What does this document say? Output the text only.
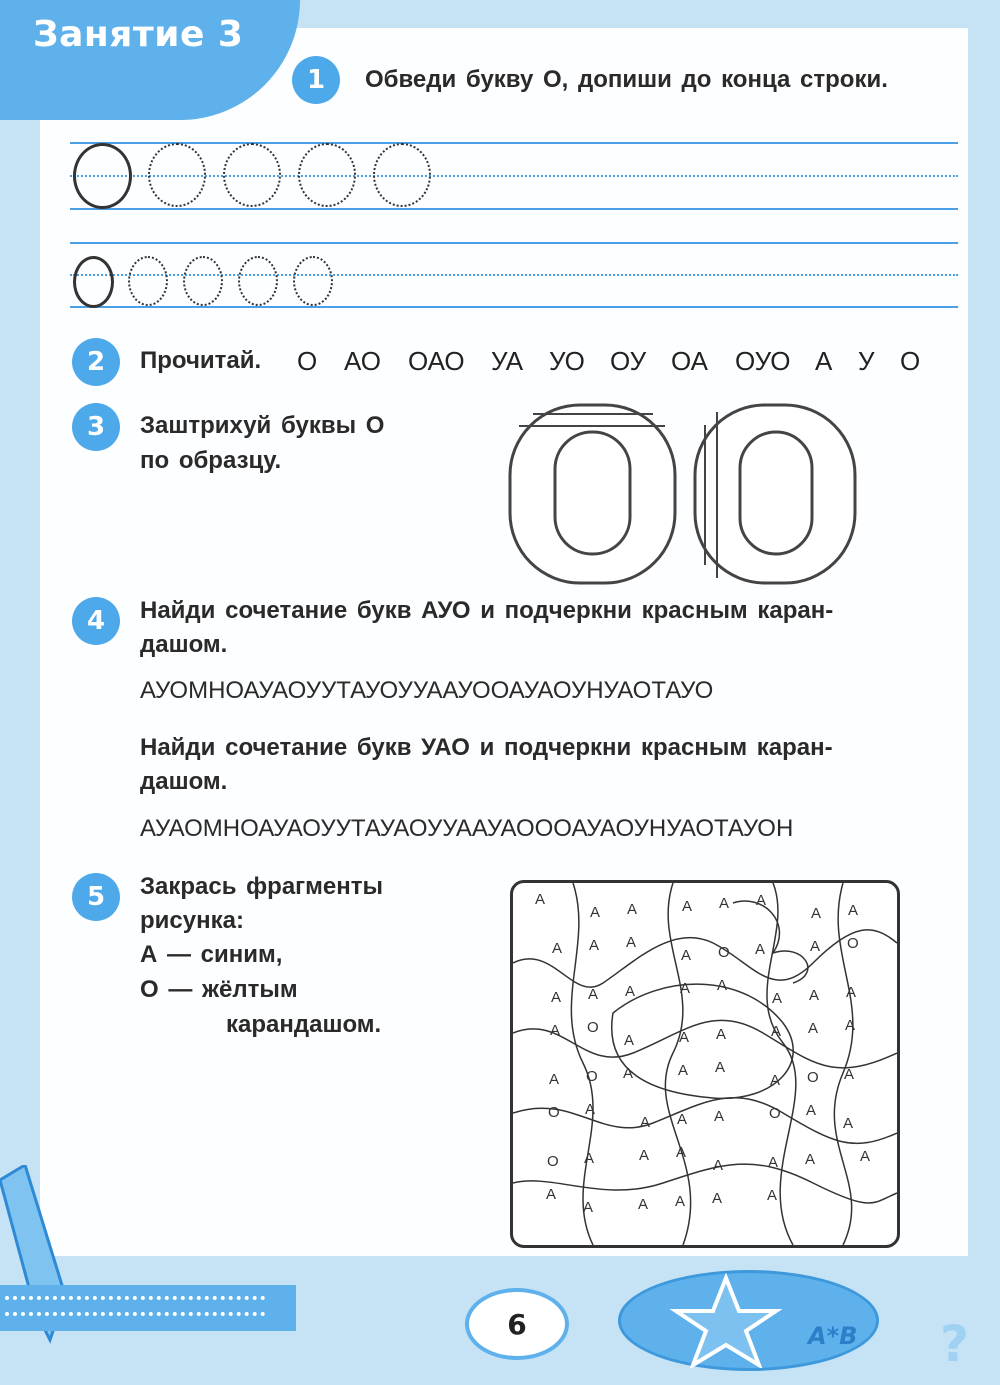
Занятие 3
1	Обведи букву О, допиши до конца строки.
2	Прочитай. О АО ОАО УА УО ОУ ОА ОУО А У О
3	Заштрихуй буквы О
по образцу.
4	Найди сочетание букв АУО и подчеркни красным каран-
дашом.
АУОМНОАУАОУУТАУОУУААУООАУАОУНУАОТАУО
Найди сочетание букв УАО и подчеркни красным каран-
дашом.
АУАОМНОАУАОУУТАУАОУУААУАОООАУАОУНУАОТАУОН
5	Закрась фрагменты
рисунка:
А — синим,
О — жёлтым
карандашом.
А
А А	А А А
А А
А А А
А О А	А О
А А А	А А
А А А
А О
А	А А	А А А
А О А	А А
А О А
О А
А А А	О А
А
О А	А А
А	А А	А
А
А	А А А	А
6	А*В ?
